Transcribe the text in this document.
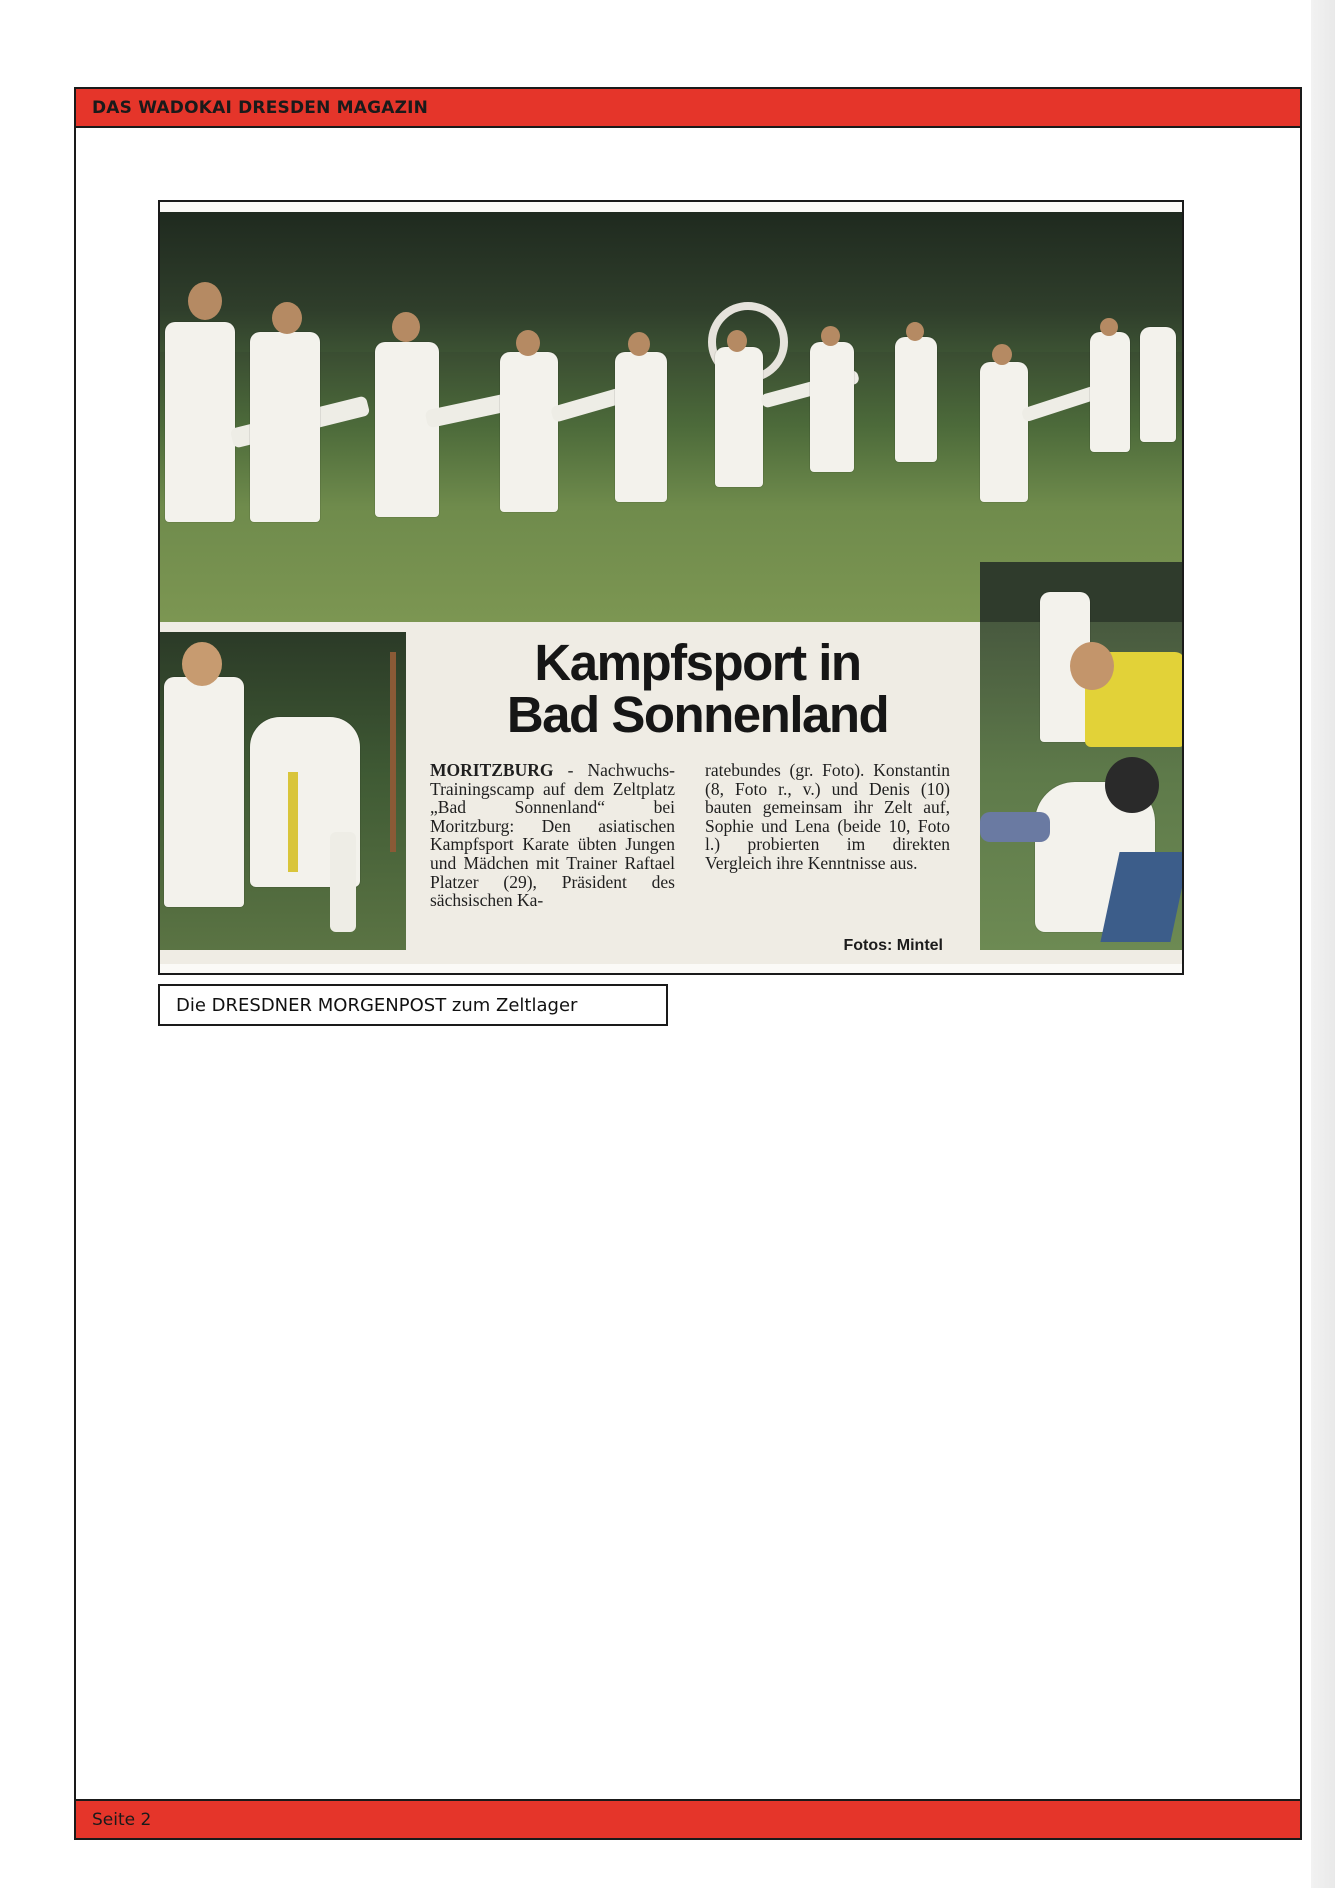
DAS WADOKAI DRESDEN MAGAZIN

Kampfsport in

Bad Sonnenland

MORITZBURG - Nachwuchs-Trainingscamp auf dem Zeltplatz „Bad Sonnenland“ bei Moritzburg: Den asiatischen Kampfsport Karate übten Jungen und Mädchen mit Trainer Raftael Platzer (29), Präsident des sächsischen Ka-
ratebundes (gr. Foto). Konstantin (8, Foto r., v.) und Denis (10) bauten gemeinsam ihr Zelt auf, Sophie und Lena (beide 10, Foto l.) probierten im direkten Vergleich ihre Kenntnisse aus.
Fotos: Mintel
Die DRESDNER MORGENPOST zum Zeltlager
Seite 2
